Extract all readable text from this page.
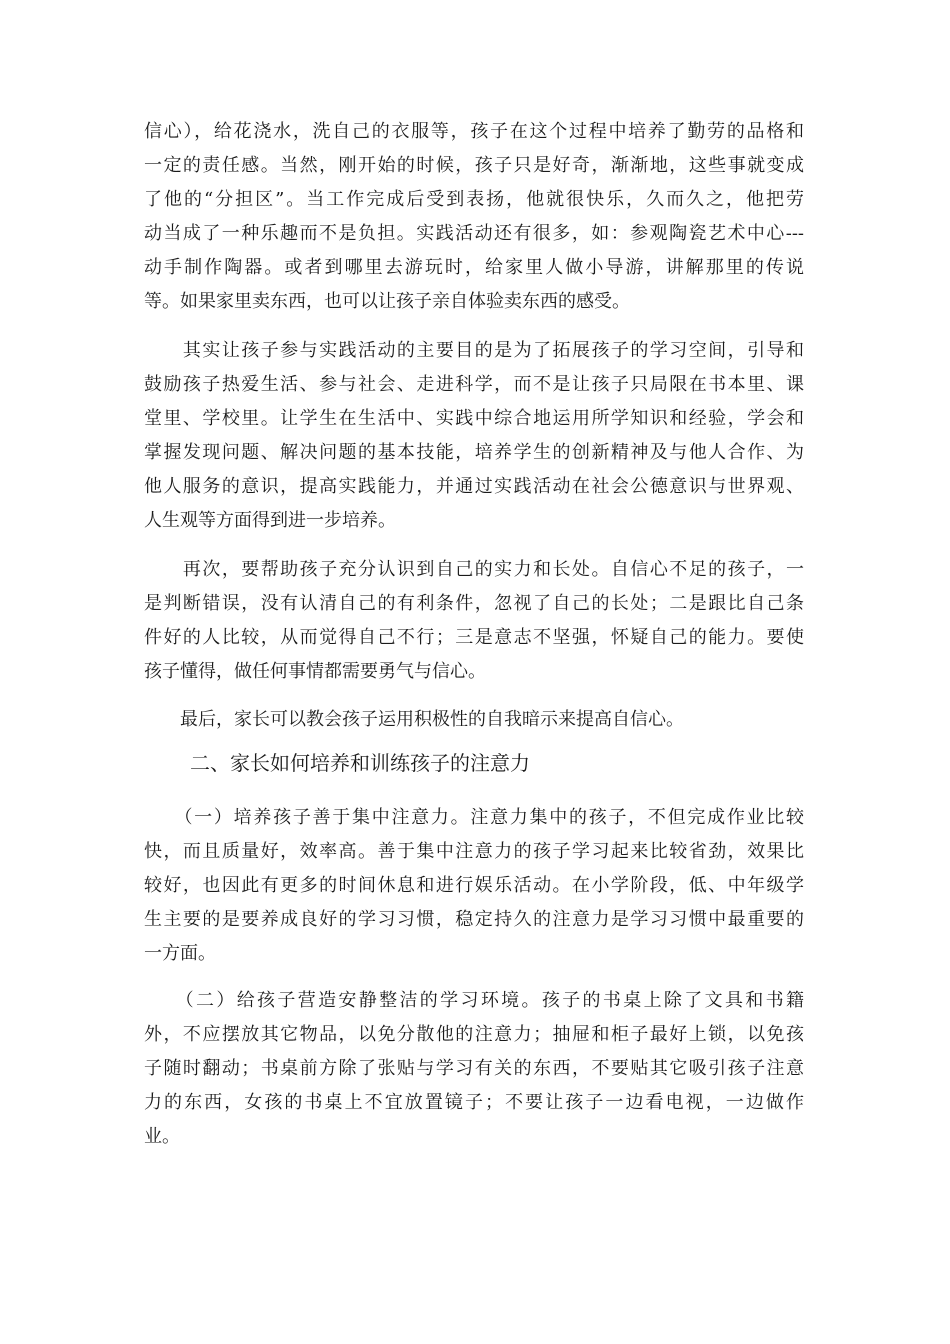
信心），给花浇水，洗自己的衣服等，孩子在这个过程中培养了勤劳的品格和
一定的责任感。当然，刚开始的时候，孩子只是好奇，渐渐地，这些事就变成
了他的“分担区”。当工作完成后受到表扬，他就很快乐，久而久之，他把劳
动当成了一种乐趣而不是负担。实践活动还有很多，如：参观陶瓷艺术中心---
动手制作陶器。或者到哪里去游玩时，给家里人做小导游，讲解那里的传说
等。如果家里卖东西，也可以让孩子亲自体验卖东西的感受。
　　其实让孩子参与实践活动的主要目的是为了拓展孩子的学习空间，引导和
鼓励孩子热爱生活、参与社会、走进科学，而不是让孩子只局限在书本里、课
堂里、学校里。让学生在生活中、实践中综合地运用所学知识和经验，学会和
掌握发现问题、解决问题的基本技能，培养学生的创新精神及与他人合作、为
他人服务的意识，提高实践能力，并通过实践活动在社会公德意识与世界观、
人生观等方面得到进一步培养。
　　再次，要帮助孩子充分认识到自己的实力和长处。自信心不足的孩子，一
是判断错误，没有认清自己的有利条件，忽视了自己的长处；二是跟比自己条
件好的人比较，从而觉得自己不行；三是意志不坚强，怀疑自己的能力。要使
孩子懂得，做任何事情都需要勇气与信心。
　　最后，家长可以教会孩子运用积极性的自我暗示来提高自信心。
二、家长如何培养和训练孩子的注意力
　　（一）培养孩子善于集中注意力。注意力集中的孩子，不但完成作业比较
快，而且质量好，效率高。善于集中注意力的孩子学习起来比较省劲，效果比
较好，也因此有更多的时间休息和进行娱乐活动。在小学阶段，低、中年级学
生主要的是要养成良好的学习习惯，稳定持久的注意力是学习习惯中最重要的
一方面。
　　（二）给孩子营造安静整洁的学习环境。孩子的书桌上除了文具和书籍
外，不应摆放其它物品，以免分散他的注意力；抽屉和柜子最好上锁，以免孩
子随时翻动；书桌前方除了张贴与学习有关的东西，不要贴其它吸引孩子注意
力的东西，女孩的书桌上不宜放置镜子；不要让孩子一边看电视，一边做作
业。
